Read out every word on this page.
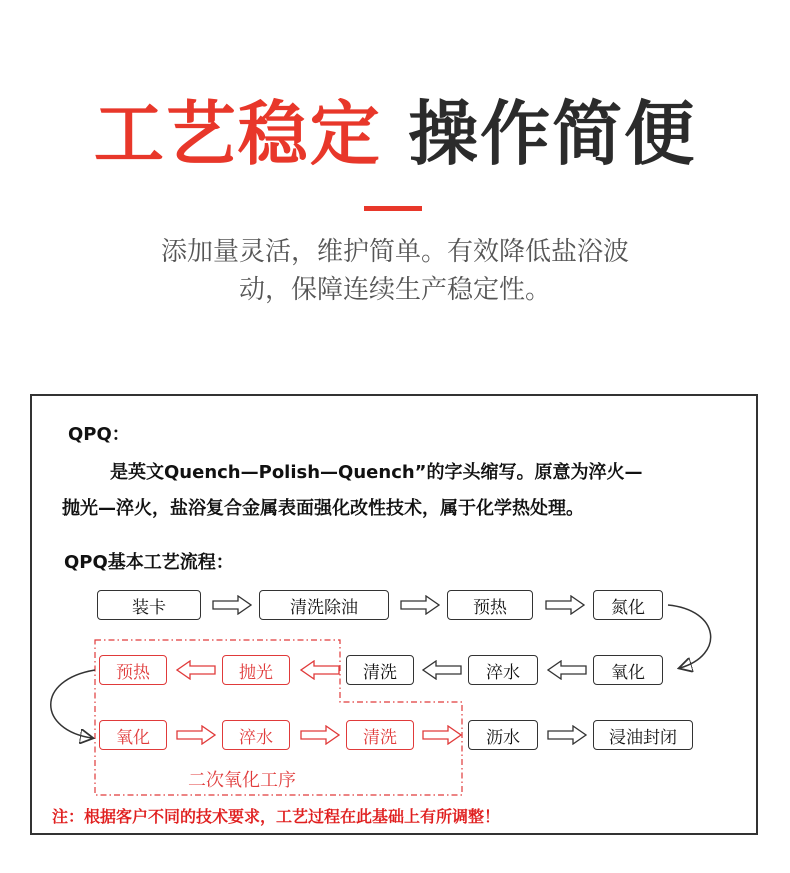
工艺稳定 操作简便
添加量灵活，维护简单。有效降低盐浴波
动，保障连续生产稳定性。
QPQ：
是英文Quench—Polish—Quench”的字头缩写。原意为淬火—
抛光—淬火，盐浴复合金属表面强化改性技术，属于化学热处理。
QPQ基本工艺流程：
装卡	清洗除油	预热	氮化
预热	抛光	清洗	淬水	氧化
氧化	淬水	清洗	沥水	浸油封闭
二次氧化工序
注：根据客户不同的技术要求，工艺过程在此基础上有所调整！
